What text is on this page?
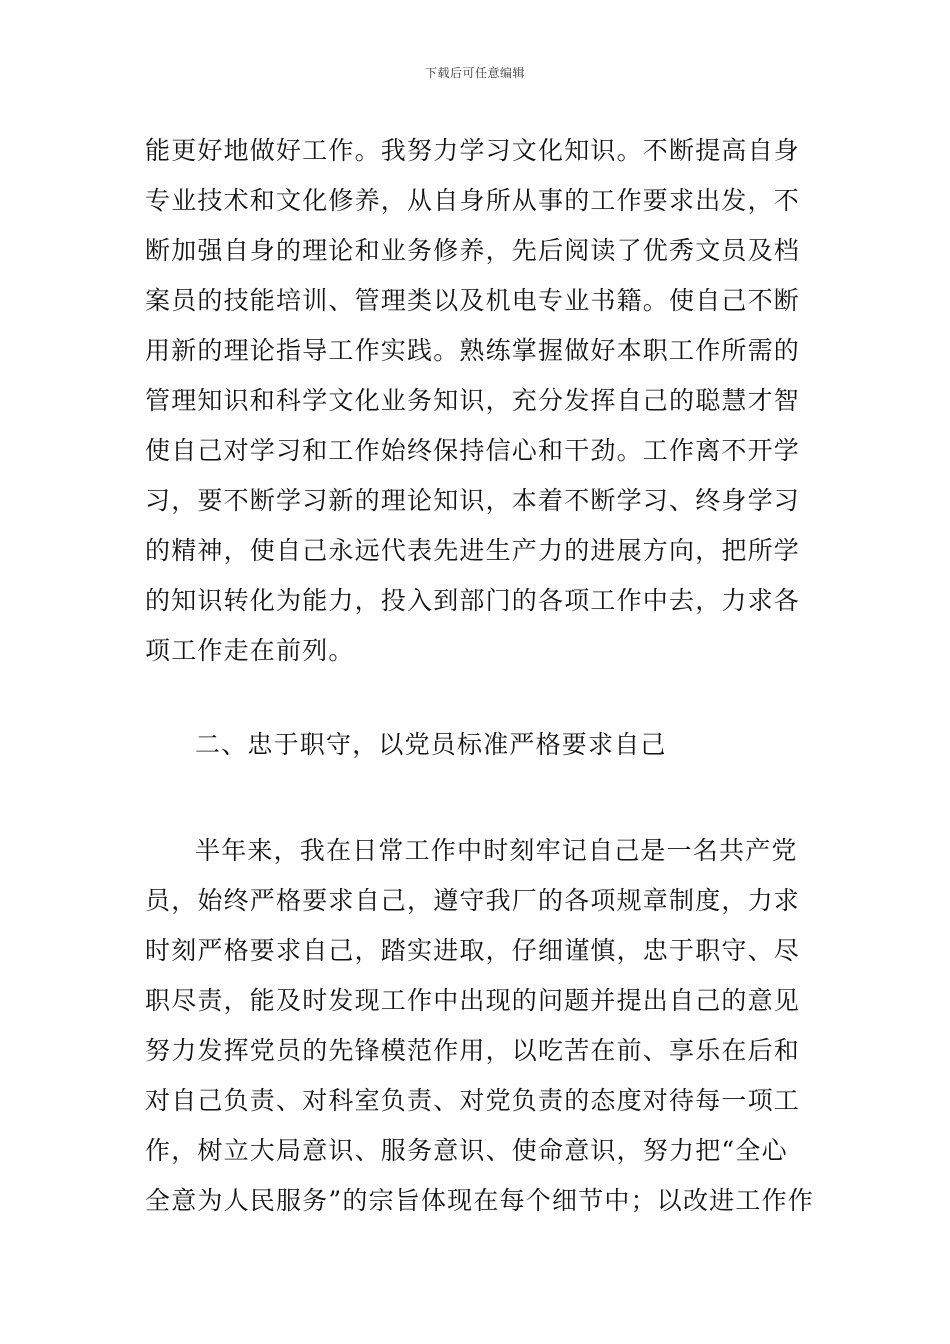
下载后可任意编辑
能更好地做好工作。我努力学习文化知识。不断提高自身
专业技术和文化修养，从自身所从事的工作要求出发，不
断加强自身的理论和业务修养，先后阅读了优秀文员及档
案员的技能培训、管理类以及机电专业书籍。使自己不断
用新的理论指导工作实践。熟练掌握做好本职工作所需的
管理知识和科学文化业务知识，充分发挥自己的聪慧才智
使自己对学习和工作始终保持信心和干劲。工作离不开学
习，要不断学习新的理论知识，本着不断学习、终身学习
的精神，使自己永远代表先进生产力的进展方向，把所学
的知识转化为能力，投入到部门的各项工作中去，力求各
项工作走在前列。
二、忠于职守，以党员标准严格要求自己
半年来，我在日常工作中时刻牢记自己是一名共产党
员，始终严格要求自己，遵守我厂的各项规章制度，力求
时刻严格要求自己，踏实进取，仔细谨慎，忠于职守、尽
职尽责，能及时发现工作中出现的问题并提出自己的意见
努力发挥党员的先锋模范作用，以吃苦在前、享乐在后和
对自己负责、对科室负责、对党负责的态度对待每一项工
作，树立大局意识、服务意识、使命意识，努力把“全心
全意为人民服务”的宗旨体现在每个细节中；以改进工作作
